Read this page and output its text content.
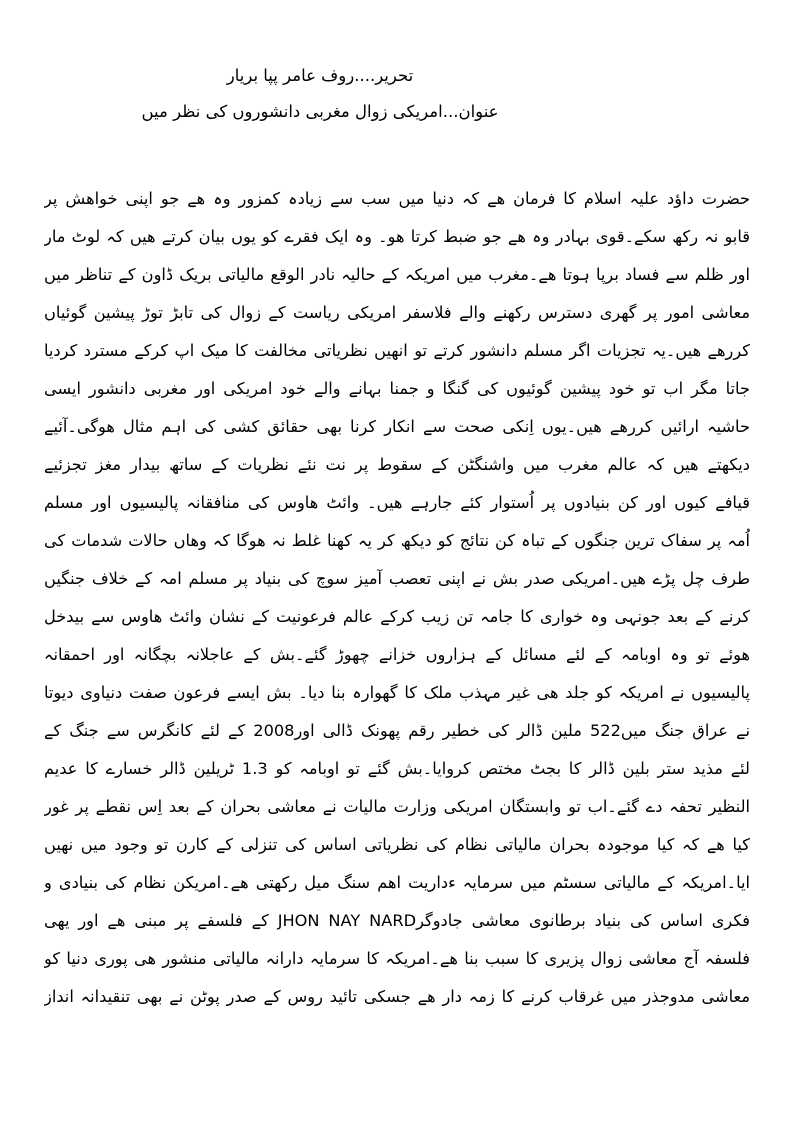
تحریر....روف عامر پپا بریار

عنوان...امریکی زوال مغربی دانشوروں کی نظر میں

حضرت داؤد علیہ اسلام کا فرمان ھے کہ دنیا میں سب سے زیادہ کمزور وہ ھے جو اپنی خواھش پر
قابو نہ رکھ سکے۔قوی بہادر وہ ھے جو ضبط کرتا ھو۔ وہ ایک فقرے کو یوں بیان کرتے ھیں کہ لوٹ مار
اور ظلم سے فساد برپا ہوتا ھے۔مغرب میں امریکہ کے حالیہ نادر الوقع مالیاتی بریک ڈاون کے تناظر میں
معاشی امور پر گھری دسترس رکھنے والے فلاسفر امریکی ریاست کے زوال کی تابڑ توڑ پیشین گوئیاں
کررھے ھیں۔یہ تجزیات اگر مسلم دانشور کرتے تو انھیں نظریاتی مخالفت کا میک اپ کرکے مسترد کردیا
جاتا مگر اب تو خود پیشین گوئیوں کی گنگا و جمنا بہانے والے خود امریکی اور مغربی دانشور ایسی
حاشیہ ارائیں کررھے ھیں۔یوں اِنکی صحت سے انکار کرنا بھی حقائق کشی کی اہم مثال ھوگی۔آئیے
دیکھتے ھیں کہ عالم مغرب میں واشنگٹن کے سقوط پر نت نئے نظریات کے ساتھ بیدار مغز تجزئیے
قیافے کیوں اور کن بنیادوں پر اُستوار کئے جارہے ھیں۔ وائٹ ھاوس کی منافقانہ پالیسیوں اور مسلم
اُمہ پر سفاک ترین جنگوں کے تباہ کن نتائج کو دیکھ کر یہ کھنا غلط نہ ھوگا کہ وھاں حالات شدمات کی
طرف چل پڑے ھیں۔امریکی صدر بش نے اپنی تعصب آمیز سوچ کی بنیاد پر مسلم امہ کے خلاف جنگیں
کرنے کے بعد جونہی وہ خواری کا جامہ تن زیب کرکے عالم فرعونیت کے نشان وائٹ ھاوس سے بیدخل
ھوئے تو وہ اوبامہ کے لئے مسائل کے ہزاروں خزانے چھوڑ گئے۔بش کے عاجلانہ بچگانہ اور احمقانہ
پالیسیوں نے امریکہ کو جلد ھی غیر مہذب ملک کا گھوارہ بنا دیا۔ بش ایسے فرعون صفت دنیاوی دیوتا
نے عراق جنگ میں522 ملین ڈالر کی خطیر رقم پھونک ڈالی اور2008 کے لئے کانگرس سے جنگ کے
لئے مذید ستر بلین ڈالر کا بجٹ مختص کروایا۔بش گئے تو اوبامہ کو 1.3 ٹریلین ڈالر خسارے کا عدیم
النظیر تحفہ دے گئے۔اب تو وابستگان امریکی وزارت مالیات نے معاشی بحران کے بعد اِس نقطے پر غور
کیا ھے کہ کیا موجودہ بحران مالیاتی نظام کی نظریاتی اساس کی تنزلی کے کارن تو وجود میں نھیں
ایا۔امریکہ کے مالیاتی سسٹم میں سرمایہ ءداریت اھم سنگ میل رکھتی ھے۔امریکن نظام کی بنیادی و
فکری اساس کی بنیاد برطانوی معاشی جادوگرJHON NAY NARD کے فلسفے پر مبنی ھے اور یھی
فلسفہ آج معاشی زوال پزیری کا سبب بنا ھے۔امریکہ کا سرمایہ دارانہ مالیاتی منشور ھی پوری دنیا کو
معاشی مدوجذر میں غرقاب کرنے کا زمہ دار ھے جسکی تائید روس کے صدر پوٹن نے بھی تنقیدانہ انداز
